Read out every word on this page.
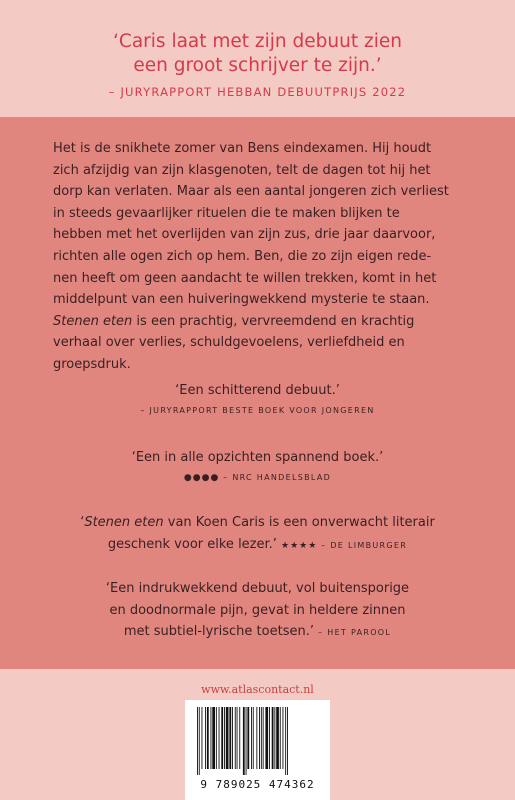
‘Caris laat met zijn debuut zien
een groot schrijver te zijn.’
– JURYRAPPORT HEBBAN DEBUUTPRIJS 2022
Het is de snikhete zomer van Bens eindexamen. Hij houdt
zich afzijdig van zijn klasgenoten, telt de dagen tot hij het
dorp kan verlaten. Maar als een aantal jongeren zich verliest
in steeds gevaarlijker rituelen die te maken blijken te
hebben met het overlijden van zijn zus, drie jaar daarvoor,
richten alle ogen zich op hem. Ben, die zo zijn eigen rede-
nen heeft om geen aandacht te willen trekken, komt in het
middelpunt van een huiveringwekkend mysterie te staan.
Stenen eten is een prachtig, vervreemdend en krachtig
verhaal over verlies, schuldgevoelens, verliefdheid en
groepsdruk.
‘Een schitterend debuut.’
– JURYRAPPORT BESTE BOEK VOOR JONGEREN
‘Een in alle opzichten spannend boek.’
●●●● – NRC HANDELSBLAD
‘Stenen eten van Koen Caris is een onverwacht literair
geschenk voor elke lezer.’ ★★★★ – DE LIMBURGER
‘Een indrukwekkend debuut, vol buitensporige
en doodnormale pijn, gevat in heldere zinnen
met subtiel-lyrische toetsen.’ – HET PAROOL
www.atlascontact.nl
9 789025 474362
